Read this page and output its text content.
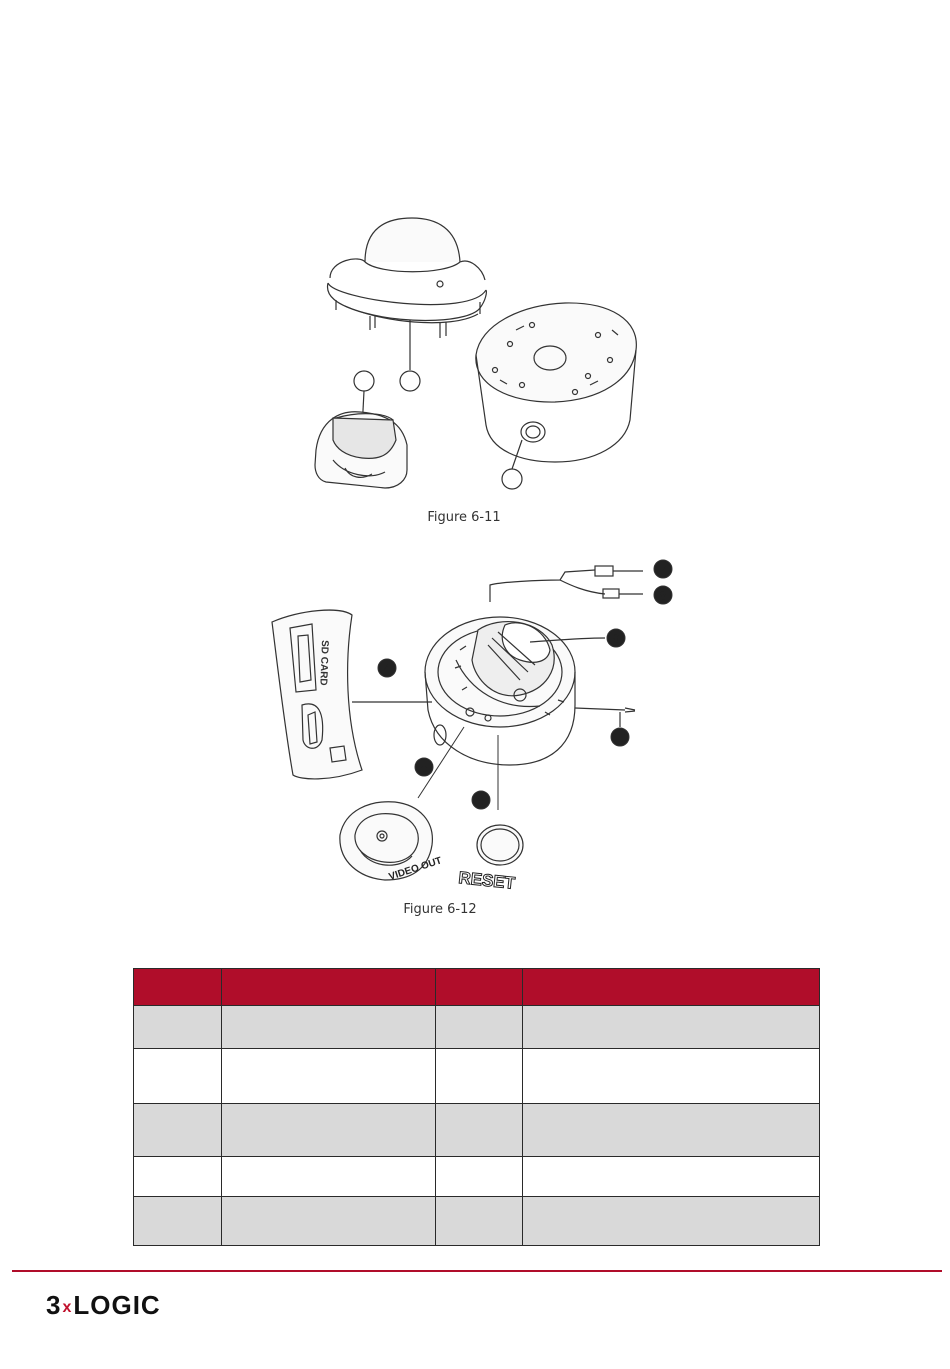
SD CARD	4
5
6
7
8
9
10
VIDEO OUT RESET
Figure 6-11
Figure 6-12

3xLOGIC
